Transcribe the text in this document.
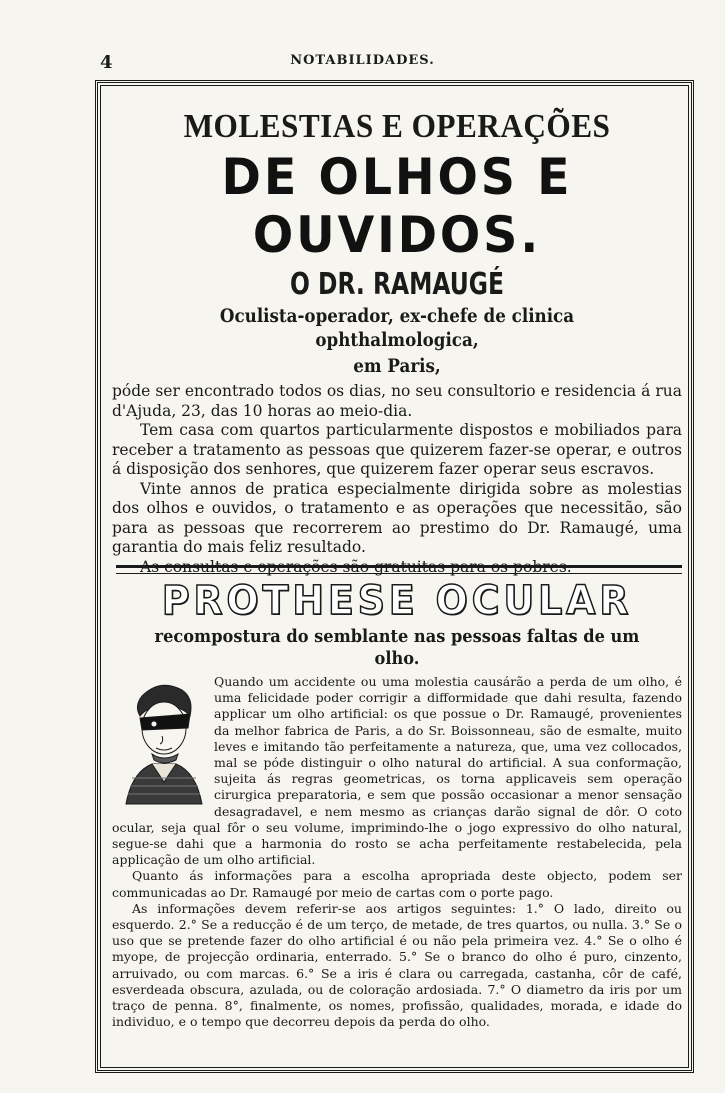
4	NOTABILIDADES.
MOLESTIAS E OPERAÇÕES
DE OLHOS E OUVIDOS.
O DR. RAMAUGÉ
Oculista-operador, ex-chefe de clinica ophthalmologica,
em Paris,

póde ser encontrado todos os dias, no seu consultorio e residencia á rua d'Ajuda, 23, das 10 horas ao meio-dia.

Tem casa com quartos particularmente dispostos e mobiliados para receber a tratamento as pessoas que quizerem fazer-se operar, e outros á disposição dos senhores, que quizerem fazer operar seus escravos.

Vinte annos de pratica especialmente dirigida sobre as molestias dos olhos e ouvidos, o tratamento e as operações que necessitão, são para as pessoas que recorrerem ao prestimo do Dr. Ramaugé, uma garantia do mais feliz resultado.

As consultas e operações são gratuitas para os pobres.

PROTHESE OCULAR
recompostura do semblante nas pessoas faltas de um olho.

Quando um accidente ou uma molestia causárão a perda de um olho, é uma felicidade poder corrigir a difformidade que dahi resulta, fazendo applicar um olho artificial: os que possue o Dr. Ramaugé, provenientes da melhor fabrica de Paris, a do Sr. Boissonneau, são de esmalte, muito leves e imitando tão perfeitamente a natureza, que, uma vez collocados, mal se póde distinguir o olho natural do artificial. A sua conformação, sujeita ás regras geometricas, os torna applicaveis sem operação cirurgica preparatoria, e sem que possão occasionar a menor sensação desagradavel, e nem mesmo as crianças darão signal de dôr. O coto ocular, seja qual fôr o seu volume, imprimindo-lhe o jogo expressivo do olho natural, segue-se dahi que a harmonia do rosto se acha perfeitamente restabelecida, pela applicação de um olho artificial.

Quanto ás informações para a escolha apropriada deste objecto, podem ser communicadas ao Dr. Ramaugé por meio de cartas com o porte pago.

As informações devem referir-se aos artigos seguintes: 1.° O lado, direito ou esquerdo. 2.° Se a reducção é de um terço, de metade, de tres quartos, ou nulla. 3.° Se o uso que se pretende fazer do olho artificial é ou não pela primeira vez. 4.° Se o olho é myope, de projecção ordinaria, enterrado. 5.° Se o branco do olho é puro, cinzento, arruivado, ou com marcas. 6.° Se a iris é clara ou carregada, castanha, côr de café, esverdeada obscura, azulada, ou de coloração ardosiada. 7.° O diametro da iris por um traço de penna. 8°, finalmente, os nomes, profissão, qualidades, morada, e idade do individuo, e o tempo que decorreu depois da perda do olho.
